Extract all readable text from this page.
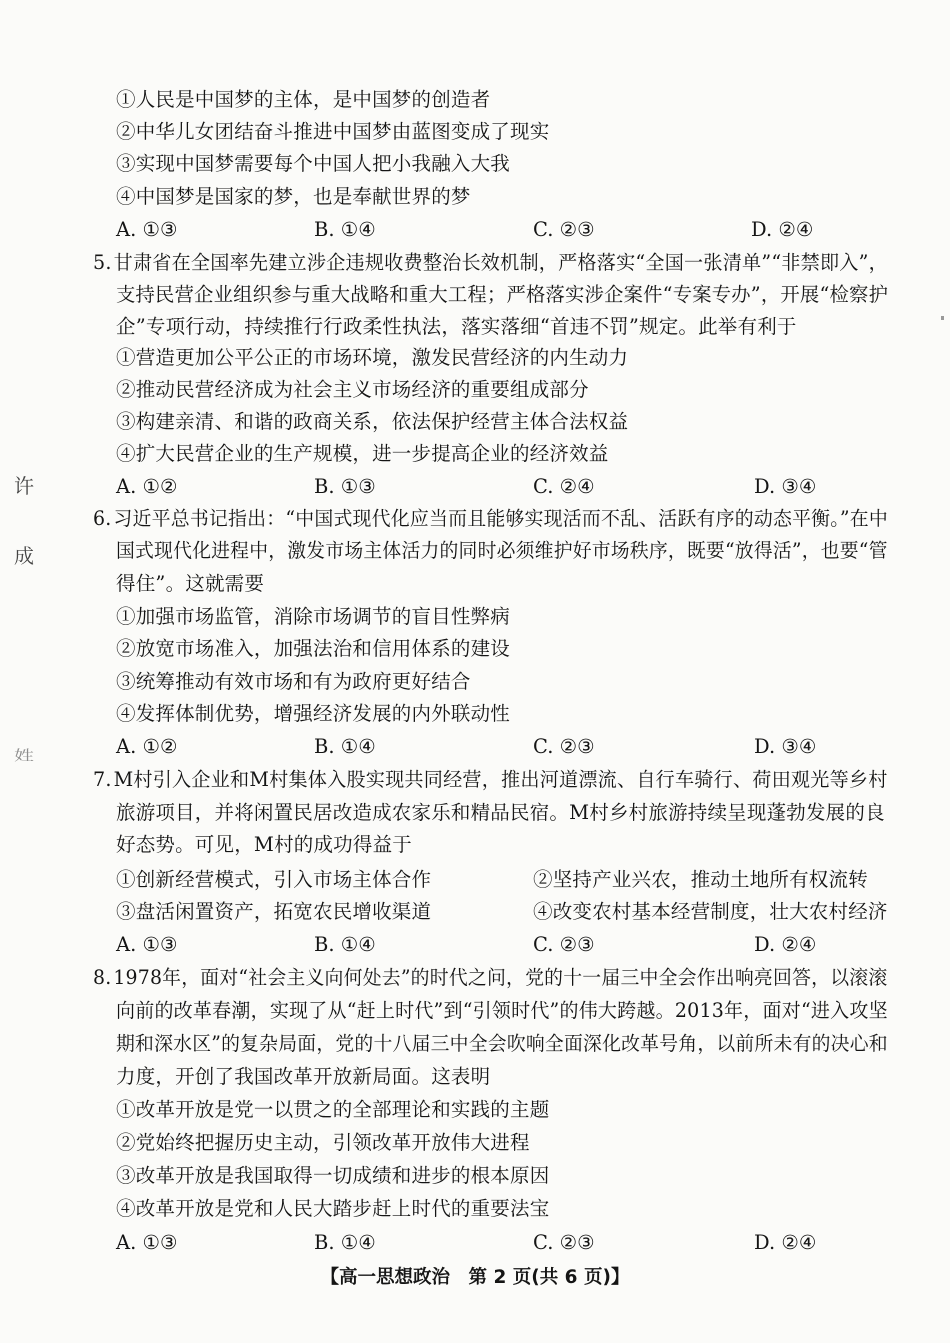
许
成
姓
①人民是中国梦的主体，是中国梦的创造者
②中华儿女团结奋斗推进中国梦由蓝图变成了现实
③实现中国梦需要每个中国人把小我融入大我
④中国梦是国家的梦，也是奉献世界的梦
A. ①③	B. ①④	C. ②③	D. ②④
5. 甘肃省在全国率先建立涉企违规收费整治长效机制，严格落实“全国一张清单”“非禁即入”，
支持民营企业组织参与重大战略和重大工程；严格落实涉企案件“专案专办”，开展“检察护
企”专项行动，持续推行行政柔性执法，落实落细“首违不罚”规定。此举有利于
①营造更加公平公正的市场环境，激发民营经济的内生动力
②推动民营经济成为社会主义市场经济的重要组成部分
③构建亲清、和谐的政商关系，依法保护经营主体合法权益
④扩大民营企业的生产规模，进一步提高企业的经济效益
A. ①②	B. ①③	C. ②④	D. ③④
6.习近平总书记指出：“中国式现代化应当而且能够实现活而不乱、活跃有序的动态平衡。”在中
国式现代化进程中，激发市场主体活力的同时必须维护好市场秩序，既要“放得活”，也要“管
得住”。这就需要
①加强市场监管，消除市场调节的盲目性弊病
②放宽市场准入，加强法治和信用体系的建设
③统筹推动有效市场和有为政府更好结合
④发挥体制优势，增强经济发展的内外联动性
A. ①②	B. ①④	C. ②③	D. ③④
7. M村引入企业和M村集体入股实现共同经营，推出河道漂流、自行车骑行、荷田观光等乡村
旅游项目，并将闲置民居改造成农家乐和精品民宿。M村乡村旅游持续呈现蓬勃发展的良
好态势。可见，M村的成功得益于
①创新经营模式，引入市场主体合作	②坚持产业兴农，推动土地所有权流转
③盘活闲置资产，拓宽农民增收渠道	④改变农村基本经营制度，壮大农村经济
A. ①③	B. ①④	C. ②③	D. ②④
8.1978年，面对“社会主义向何处去”的时代之问，党的十一届三中全会作出响亮回答，以滚滚
向前的改革春潮，实现了从“赶上时代”到“引领时代”的伟大跨越。2013年，面对“进入攻坚
期和深水区”的复杂局面，党的十八届三中全会吹响全面深化改革号角，以前所未有的决心和
力度，开创了我国改革开放新局面。这表明
①改革开放是党一以贯之的全部理论和实践的主题
②党始终把握历史主动，引领改革开放伟大进程
③改革开放是我国取得一切成绩和进步的根本原因
④改革开放是党和人民大踏步赶上时代的重要法宝
A. ①③	B. ①④	C. ②③	D. ②④
【高一思想政治　第 2 页(共 6 页)】
